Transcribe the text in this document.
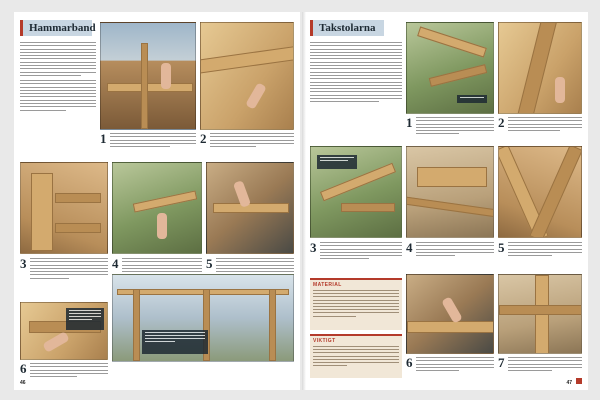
Hammarband
1	2
3	4	5
6
46
Takstolarna
1	2
3	4	5
MATERIAL
VIKTIGT
6	7
47
